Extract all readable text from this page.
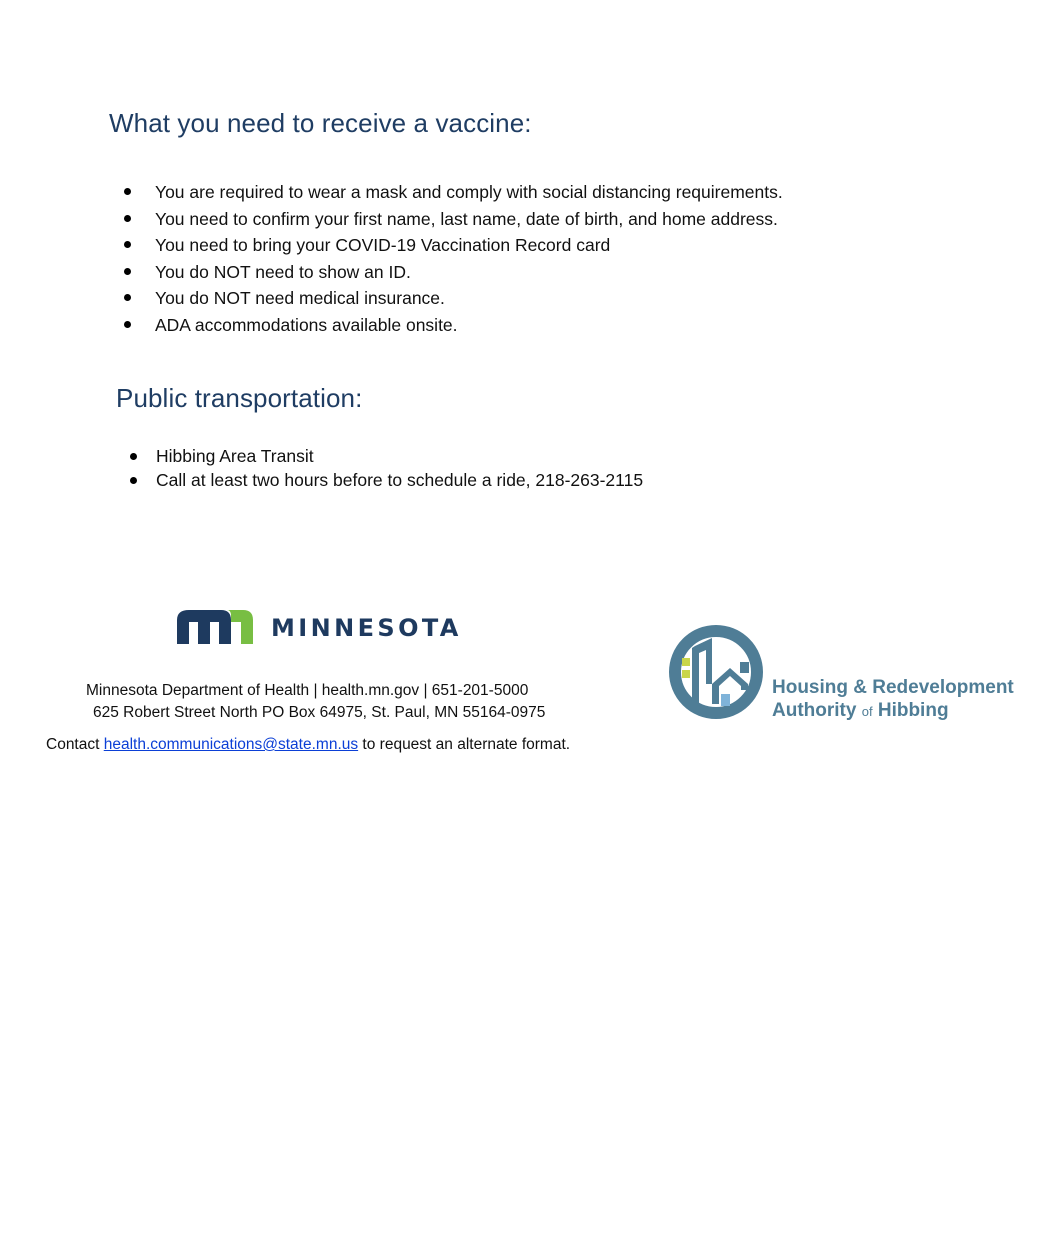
What you need to receive a vaccine:
You are required to wear a mask and comply with social distancing requirements.
You need to confirm your first name, last name, date of birth, and home address.
You need to bring your COVID-19 Vaccination Record card
You do NOT need to show an ID.
You do NOT need medical insurance.
ADA accommodations available onsite.
Public transportation:
Hibbing Area Transit
Call at least two hours before to schedule a ride, 218-263-2115
MINNESOTA
Minnesota Department of Health | health.mn.gov | 651-201-5000
625 Robert Street North PO Box 64975, St. Paul, MN 55164-0975
Contact health.communications@state.mn.us to request an alternate format.
Housing & Redevelopment
Authority of Hibbing
